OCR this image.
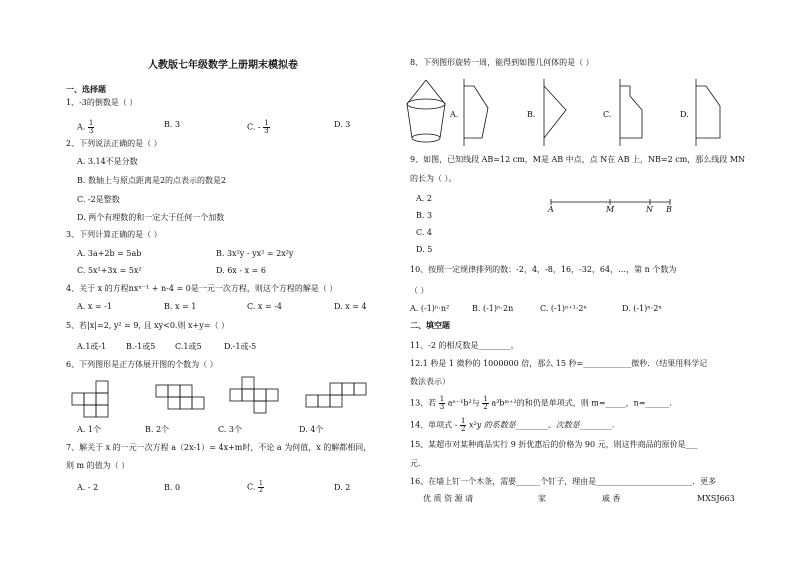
人教版七年级数学上册期末模拟卷
一、选择题
1、-3的倒数是（ ）
A. $\frac{1}{3}$	B. 3	C. - $\frac{1}{3}$	D. 3
2、下列说法正确的是（ ）
A. 3.14不是分数
B. 数轴上与原点距离是2的点表示的数是2
C. -2是整数
D. 两个有理数的和一定大于任何一个加数
3、下列计算正确的是（ ）
A. 3a+2b = 5ab	B. 3x²y - yx² = 2x²y
C. 5x²+3x = 5x²	D. 6x - x = 6
4、关于 x 的方程nxⁿ⁻¹ + n-4 = 0是一元一次方程，则这个方程的解是（ ）
A. x = -1	B. x = 1	C. x = -4	D. x = 4
5、若|x|=2, y² = 9, 且 xy<0.则 x+y=（ ）
A.1或-1 B.-1或5 C.1或5	D.-1或-5
6、下列图形是正方体展开图的个数为（ ）
A. 1个	B. 2个	C. 3个	D. 4个
7、解关于 x 的一元一次方程 a（2x-1）= 4x+m时，不论 a 为何值，x 的解都相同，
则 m 的值为（ ）
A. - 2	B. 0	C. $\frac{1}{2}$	D. 2
8、下列图形旋转一周，能得到如图几何体的是（ ）
A.	B.	C.	D.
9、如图，已知线段 AB=12 cm，M是 AB 中点，点 N在 AB 上，NB=2 cm，那么线段 MN
的长为（ ）。
A. 2
B. 3
C. 4
D. 5
A	M	N B
10、按照一定规律排列的数：-2，4，-8，16，-32，64，…，第 n 个数为
（ ）
A. (-1)ⁿ·n²	B. (-1)ⁿ·2n	C. (-1)ⁿ⁺¹·2ⁿ	D. (-1)ⁿ·2ⁿ
二、填空题
11、-2 的相反数是________。
12.1 秒是 1 微秒的 1000000 倍，那么 15 秒=____________微秒．（结果用科学记
数法表示）
13、若 $\frac{1}{3} a^{n-1}b^2$与 $\frac{1}{2}$ a³bᵐ⁺²的和仍是单项式，则 m=_____，n=______.
14、单项式 - $\frac{1}{2} x^2y$ 的系数是________，次数是________.
15、某超市对某种商品实行 9 折优惠后的价格为 90 元，则这件商品的原价是___
元.
16、在墙上钉一个木条，需要______个钉子，理由是________________________．更多
优 质 资 源 请	家	戚 香	MXSJ663
